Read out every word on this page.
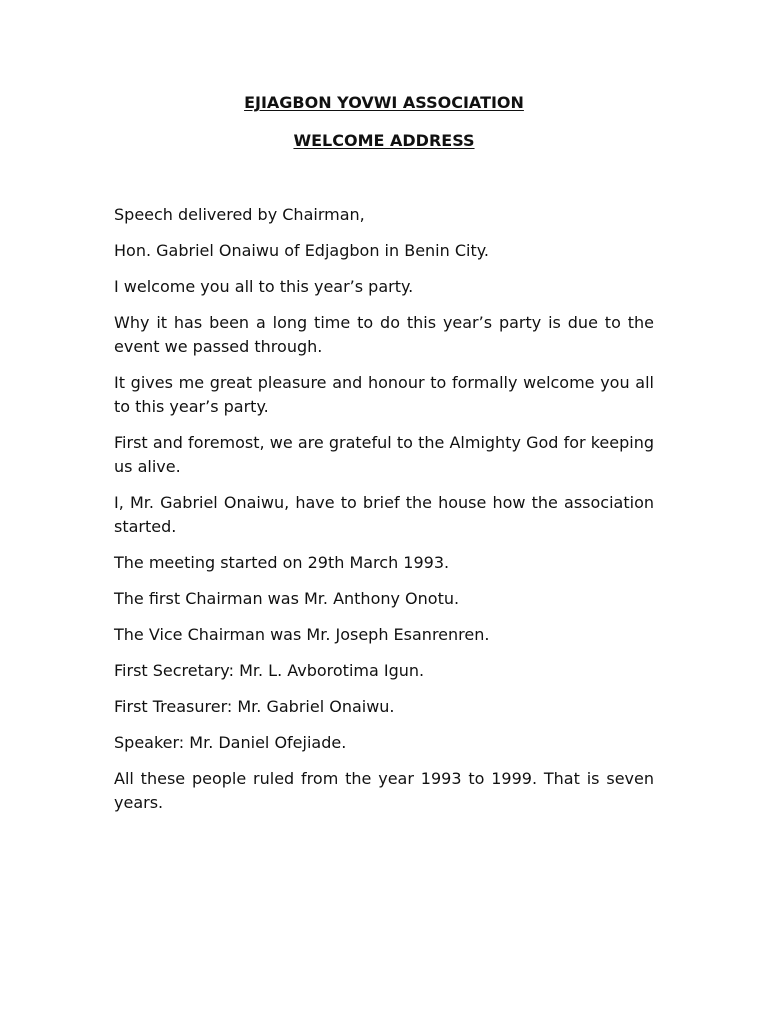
EJIAGBON YOVWI ASSOCIATION
WELCOME ADDRESS

Speech delivered by Chairman,

Hon. Gabriel Onaiwu of Edjagbon in Benin City.

I welcome you all to this year’s party.

Why it has been a long time to do this year’s party is due to the event we passed through.

It gives me great pleasure and honour to formally welcome you all to this year’s party.

First and foremost, we are grateful to the Almighty God for keeping us alive.

I, Mr. Gabriel Onaiwu, have to brief the house how the association started.

The meeting started on 29th March 1993.

The first Chairman was Mr. Anthony Onotu.

The Vice Chairman was Mr. Joseph Esanrenren.

First Secretary: Mr. L. Avborotima Igun.

First Treasurer: Mr. Gabriel Onaiwu.

Speaker: Mr. Daniel Ofejiade.

All these people ruled from the year 1993 to 1999. That is seven years.
